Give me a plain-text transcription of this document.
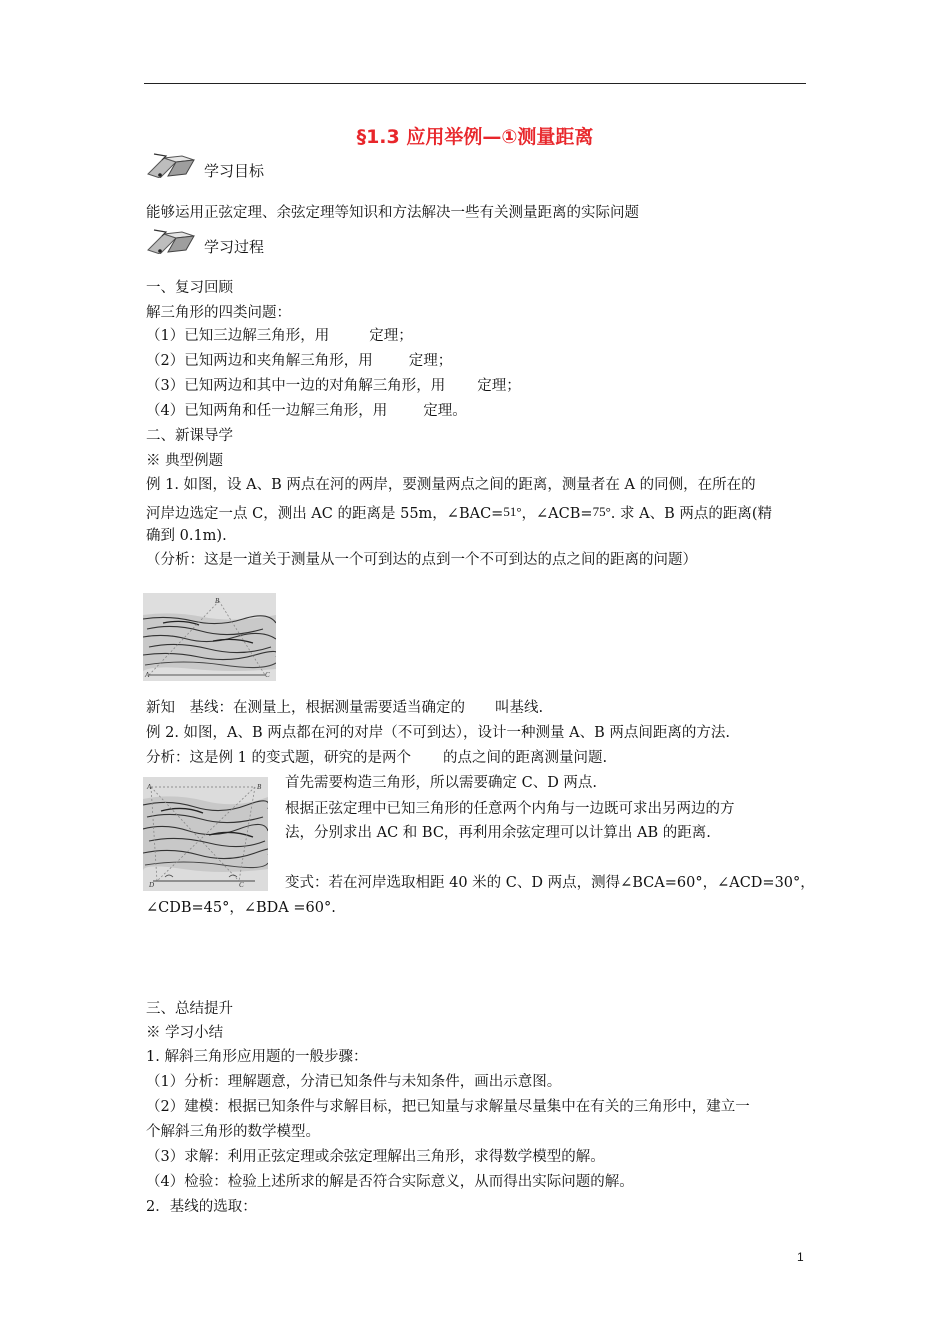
§1.3 应用举例—①测量距离
学习目标
能够运用正弦定理、余弦定理等知识和方法解决一些有关测量距离的实际问题
学习过程
一、复习回顾
解三角形的四类问题：
（1）已知三边解三角形，用	定理；
（2）已知两边和夹角解三角形，用 定理；
（3）已知两边和其中一边的对角解三角形，用 定理；
（4）已知两角和任一边解三角形，用 定理。
二、新课导学
※ 典型例题
例 1. 如图，设 A、B 两点在河的两岸，要测量两点之间的距离，测量者在 A 的同侧，在所在的
河岸边选定一点 C，测出 AC 的距离是 55m，∠BAC=51°，∠ACB=75°. 求 A、B 两点的距离(精
确到 0.1m).
（分析：这是一道关于测量从一个可到达的点到一个不可到达的点之间的距离的问题）
B
A	C
新知　基线：在测量上，根据测量需要适当确定的 叫基线.
例 2. 如图，A、B 两点都在河的对岸（不可到达），设计一种测量 A、B 两点间距离的方法.
分析：这是例 1 的变式题，研究的是两个 的点之间的距离测量问题.
A	B
D	C
首先需要构造三角形，所以需要确定 C、D 两点.
根据正弦定理中已知三角形的任意两个内角与一边既可求出另两边的方
法，分别求出 AC 和 BC，再利用余弦定理可以计算出 AB 的距离.
变式：若在河岸选取相距 40 米的 C、D 两点，测得∠BCA=60°，∠ACD=30°，
∠CDB=45°，∠BDA =60°.
三、总结提升
※ 学习小结
1. 解斜三角形应用题的一般步骤：
（1）分析：理解题意，分清已知条件与未知条件，画出示意图。
（2）建模：根据已知条件与求解目标，把已知量与求解量尽量集中在有关的三角形中，建立一
个解斜三角形的数学模型。
（3）求解：利用正弦定理或余弦定理解出三角形，求得数学模型的解。
（4）检验：检验上述所求的解是否符合实际意义，从而得出实际问题的解。
2．基线的选取：
1
